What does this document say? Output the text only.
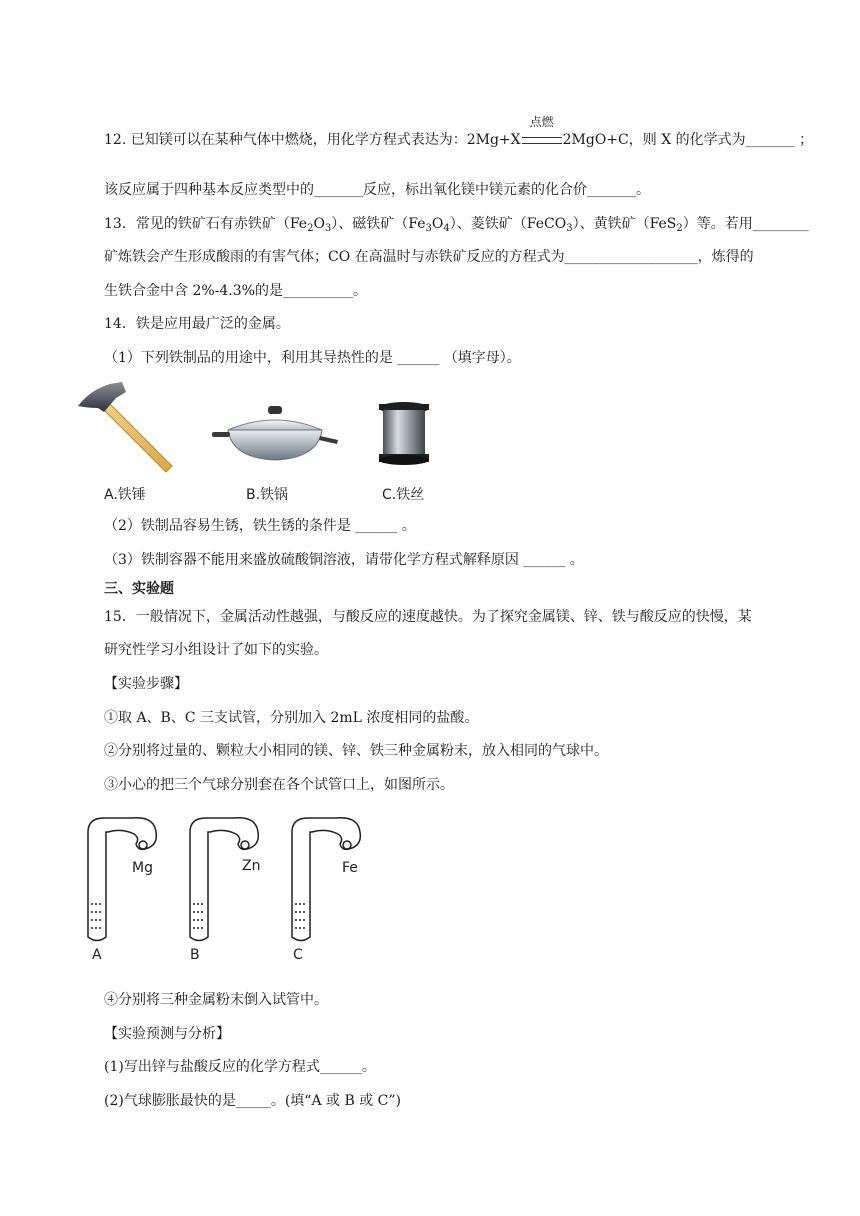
12. 已知镁可以在某种气体中燃烧，用化学方程式表达为：2Mg+X
点燃
2MgO+C，则 X 的化学式为_______ ；
该反应属于四种基本反应类型中的_______反应，标出氧化镁中镁元素的化合价_______。
13．常见的铁矿石有赤铁矿$(Fe_2O_3)$、磁铁矿$(Fe_3O_4)$、菱铁矿（FeCO$_3$）、黄铁矿（FeS$_2$）等。若用________
矿炼铁会产生形成酸雨的有害气体；CO 在高温时与赤铁矿反应的方程式为___________________，炼得的
生铁合金中含 2%-4.3%的是__________。
14．铁是应用最广泛的金属。
（1）下列铁制品的用途中，利用其导热性的是 ______ （填字母）。
A.铁锤	B.铁锅	C.铁丝
（2）铁制品容易生锈，铁生锈的条件是 ______ 。
（3）铁制容器不能用来盛放硫酸铜溶液，请带化学方程式解释原因 ______ 。
三、实验题
15．一般情况下，金属活动性越强，与酸反应的速度越快。为了探究金属镁、锌、铁与酸反应的快慢，某
研究性学习小组设计了如下的实验。
【实验步骤】
①取 A、B、C 三支试管，分别加入 2mL 浓度相同的盐酸。
②分别将过量的、颗粒大小相同的镁、锌、铁三种金属粉末，放入相同的气球中。
③小心的把三个气球分别套在各个试管口上，如图所示。
Mg	Zn	Fe
A	B	C
④分别将三种金属粉末倒入试管中。
【实验预测与分析】
(1)写出锌与盐酸反应的化学方程式______。
(2)气球膨胀最快的是_____。(填“A 或 B 或 C”)
